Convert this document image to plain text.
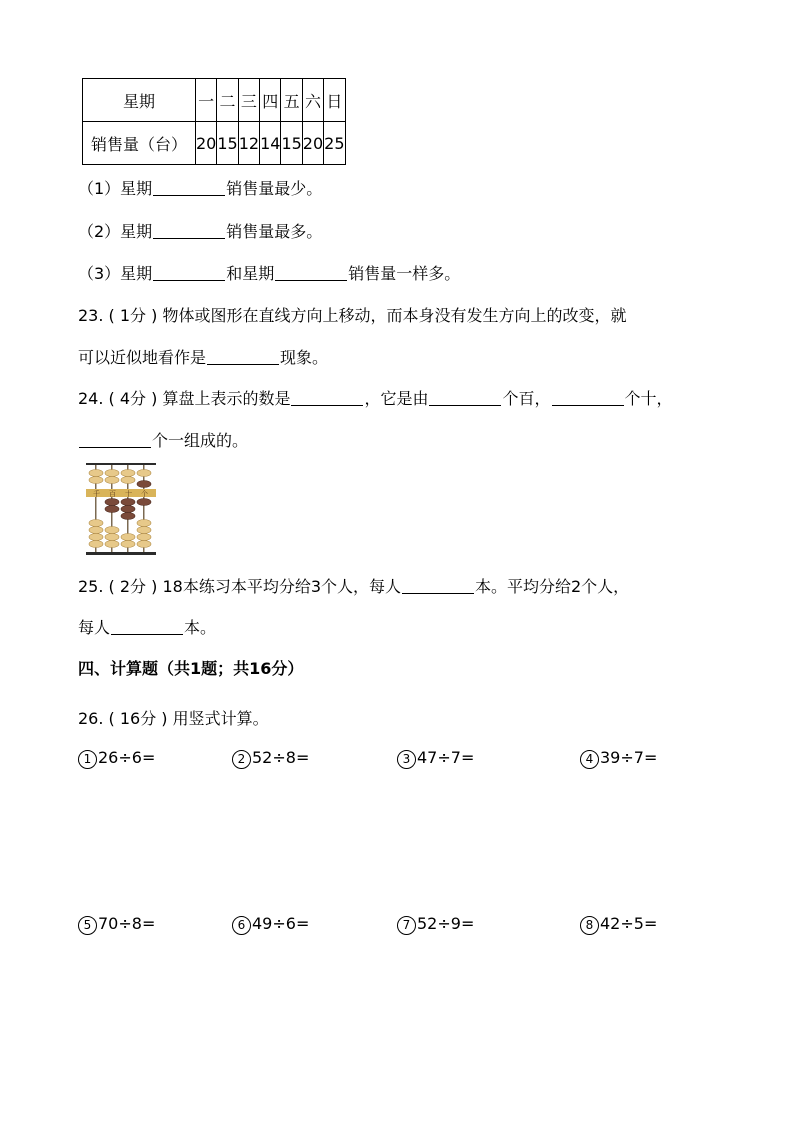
星期	一	二	三	四	五	六	日
销售量（台）	20	15	12	14	15	20	25
（1）星期	销售量最少。
（2）星期	销售量最多。
（3）星期	和星期	销售量一样多。
23. ( 1分 ) 物体或图形在直线方向上移动，而本身没有发生方向上的改变，就
可以近似地看作是	现象。
24. ( 4分 ) 算盘上表示的数是	，它是由	个百，	个十，
个一组成的。
千 百 十 个
25. ( 2分 ) 18本练习本平均分给3个人，每人	本。平均分给2个人，
每人	本。
四、计算题（共1题；共16分）
26. ( 16分 ) 用竖式计算。
1 26÷6=	2 52÷8=	3 47÷7=	4 39÷7=
5 70÷8=	6 49÷6=	7 52÷9=	8 42÷5=
